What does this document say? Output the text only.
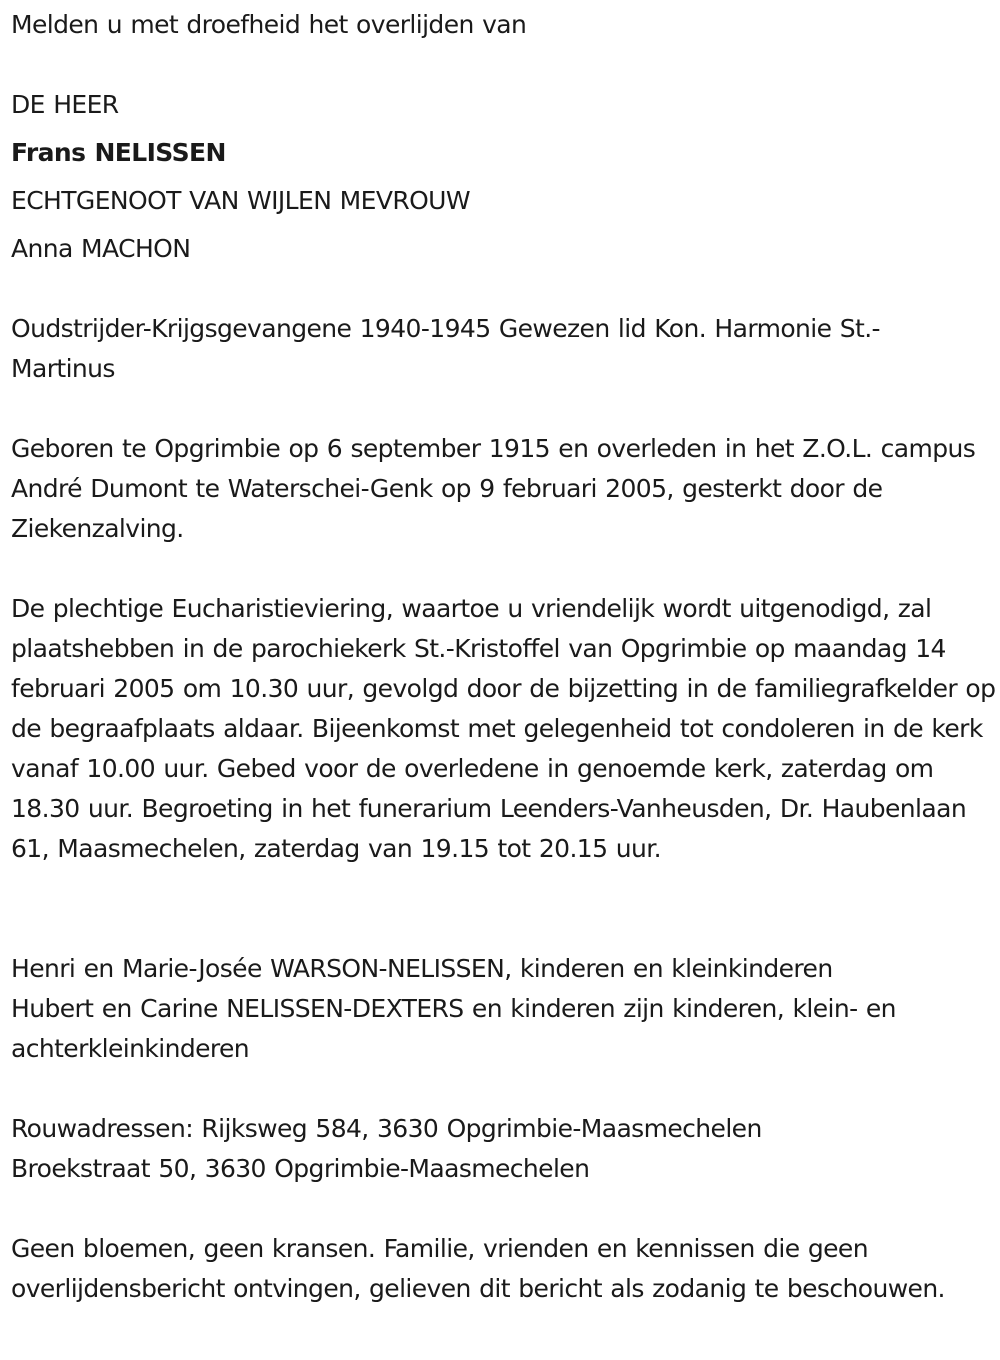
Melden u met droefheid het overlijden van
DE HEER
Frans NELISSEN
ECHTGENOOT VAN WIJLEN MEVROUW
Anna MACHON
Oudstrijder-Krijgsgevangene 1940-1945 Gewezen lid Kon. Harmonie St.-Martinus
Geboren te Opgrimbie op 6 september 1915 en overleden in het Z.O.L. campus André Dumont te Waterschei-Genk op 9 februari 2005, gesterkt door de Ziekenzalving.
De plechtige Eucharistieviering, waartoe u vriendelijk wordt uitgenodigd, zal plaatshebben in de parochiekerk St.-Kristoffel van Opgrimbie op maandag 14 februari 2005 om 10.30 uur, gevolgd door de bijzetting in de familiegrafkelder op de begraafplaats aldaar. Bijeenkomst met gelegenheid tot condoleren in de kerk vanaf 10.00 uur. Gebed voor de overledene in genoemde kerk, zaterdag om 18.30 uur. Begroeting in het funerarium Leenders-Vanheusden, Dr. Haubenlaan 61, Maasmechelen, zaterdag van 19.15 tot 20.15 uur.
Henri en Marie-Josée WARSON-NELISSEN, kinderen en kleinkinderen
Hubert en Carine NELISSEN-DEXTERS en kinderen zijn kinderen, klein- en achterkleinkinderen
Rouwadressen: Rijksweg 584, 3630 Opgrimbie-Maasmechelen
Broekstraat 50, 3630 Opgrimbie-Maasmechelen
Geen bloemen, geen kransen. Familie, vrienden en kennissen die geen overlijdensbericht ontvingen, gelieven dit bericht als zodanig te beschouwen.
